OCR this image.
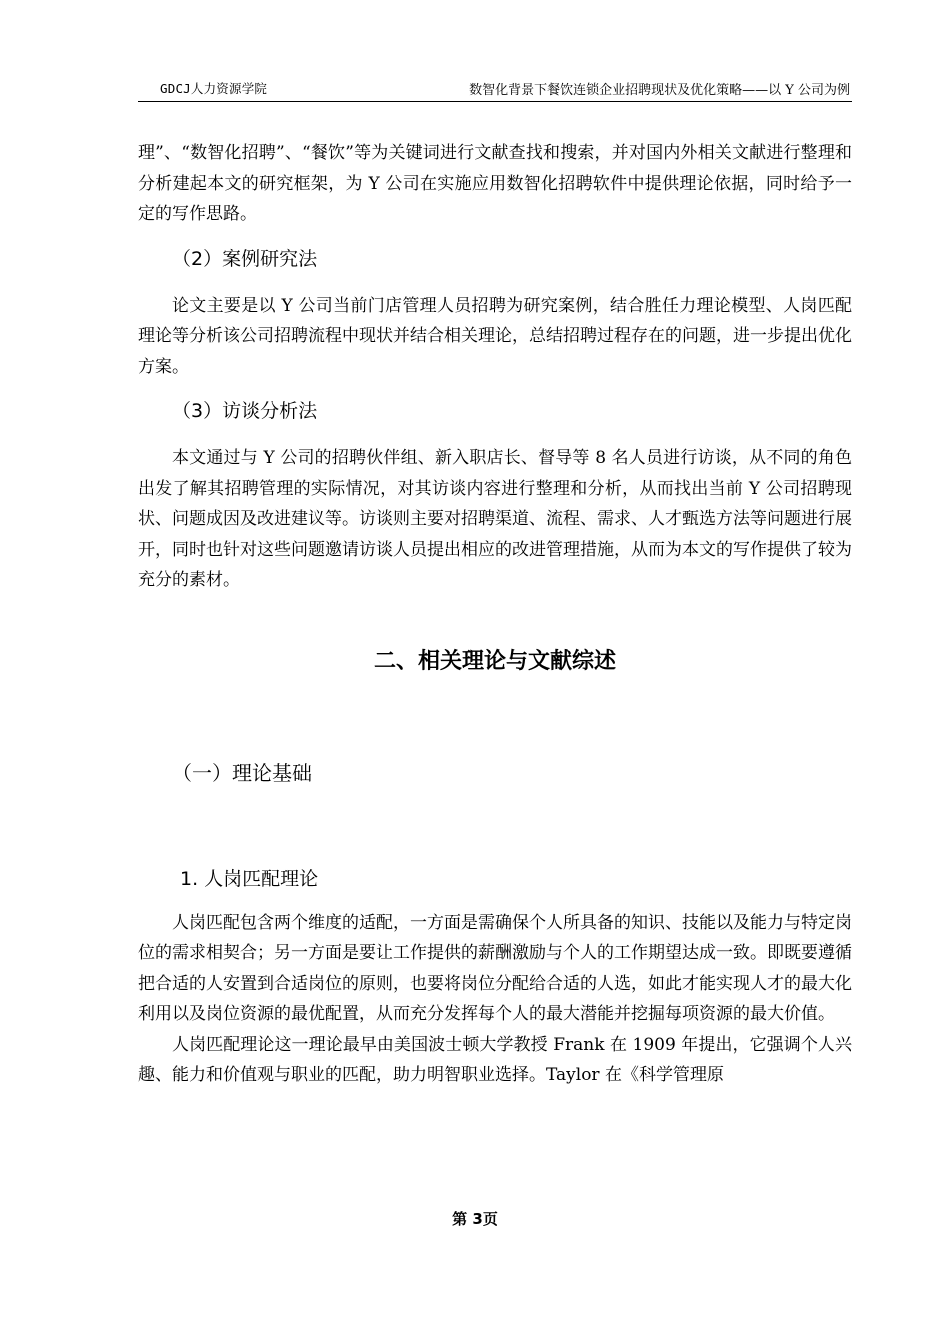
GDCJ人力资源学院	数智化背景下餐饮连锁企业招聘现状及优化策略——以 Y 公司为例

理”、“数智化招聘”、“餐饮”等为关键词进行文献查找和搜索，并对国内外相关文献进行整理和分析建起本文的研究框架，为 Y 公司在实施应用数智化招聘软件中提供理论依据，同时给予一定的写作思路。

（2）案例研究法

论文主要是以 Y 公司当前门店管理人员招聘为研究案例，结合胜任力理论模型、人岗匹配理论等分析该公司招聘流程中现状并结合相关理论，总结招聘过程存在的问题，进一步提出优化方案。

（3）访谈分析法

本文通过与 Y 公司的招聘伙伴组、新入职店长、督导等 8 名人员进行访谈，从不同的角色出发了解其招聘管理的实际情况，对其访谈内容进行整理和分析，从而找出当前 Y 公司招聘现状、问题成因及改进建议等。访谈则主要对招聘渠道、流程、需求、人才甄选方法等问题进行展开，同时也针对这些问题邀请访谈人员提出相应的改进管理措施，从而为本文的写作提供了较为充分的素材。

二、相关理论与文献综述

（一）理论基础

1. 人岗匹配理论

人岗匹配包含两个维度的适配，一方面是需确保个人所具备的知识、技能以及能力与特定岗位的需求相契合；另一方面是要让工作提供的薪酬激励与个人的工作期望达成一致。即既要遵循把合适的人安置到合适岗位的原则，也要将岗位分配给合适的人选，如此才能实现人才的最大化利用以及岗位资源的最优配置，从而充分发挥每个人的最大潜能并挖掘每项资源的最大价值。

人岗匹配理论这一理论最早由美国波士顿大学教授 Frank 在 1909 年提出，它强调个人兴趣、能力和价值观与职业的匹配，助力明智职业选择。Taylor 在《科学管理原

第 3页
